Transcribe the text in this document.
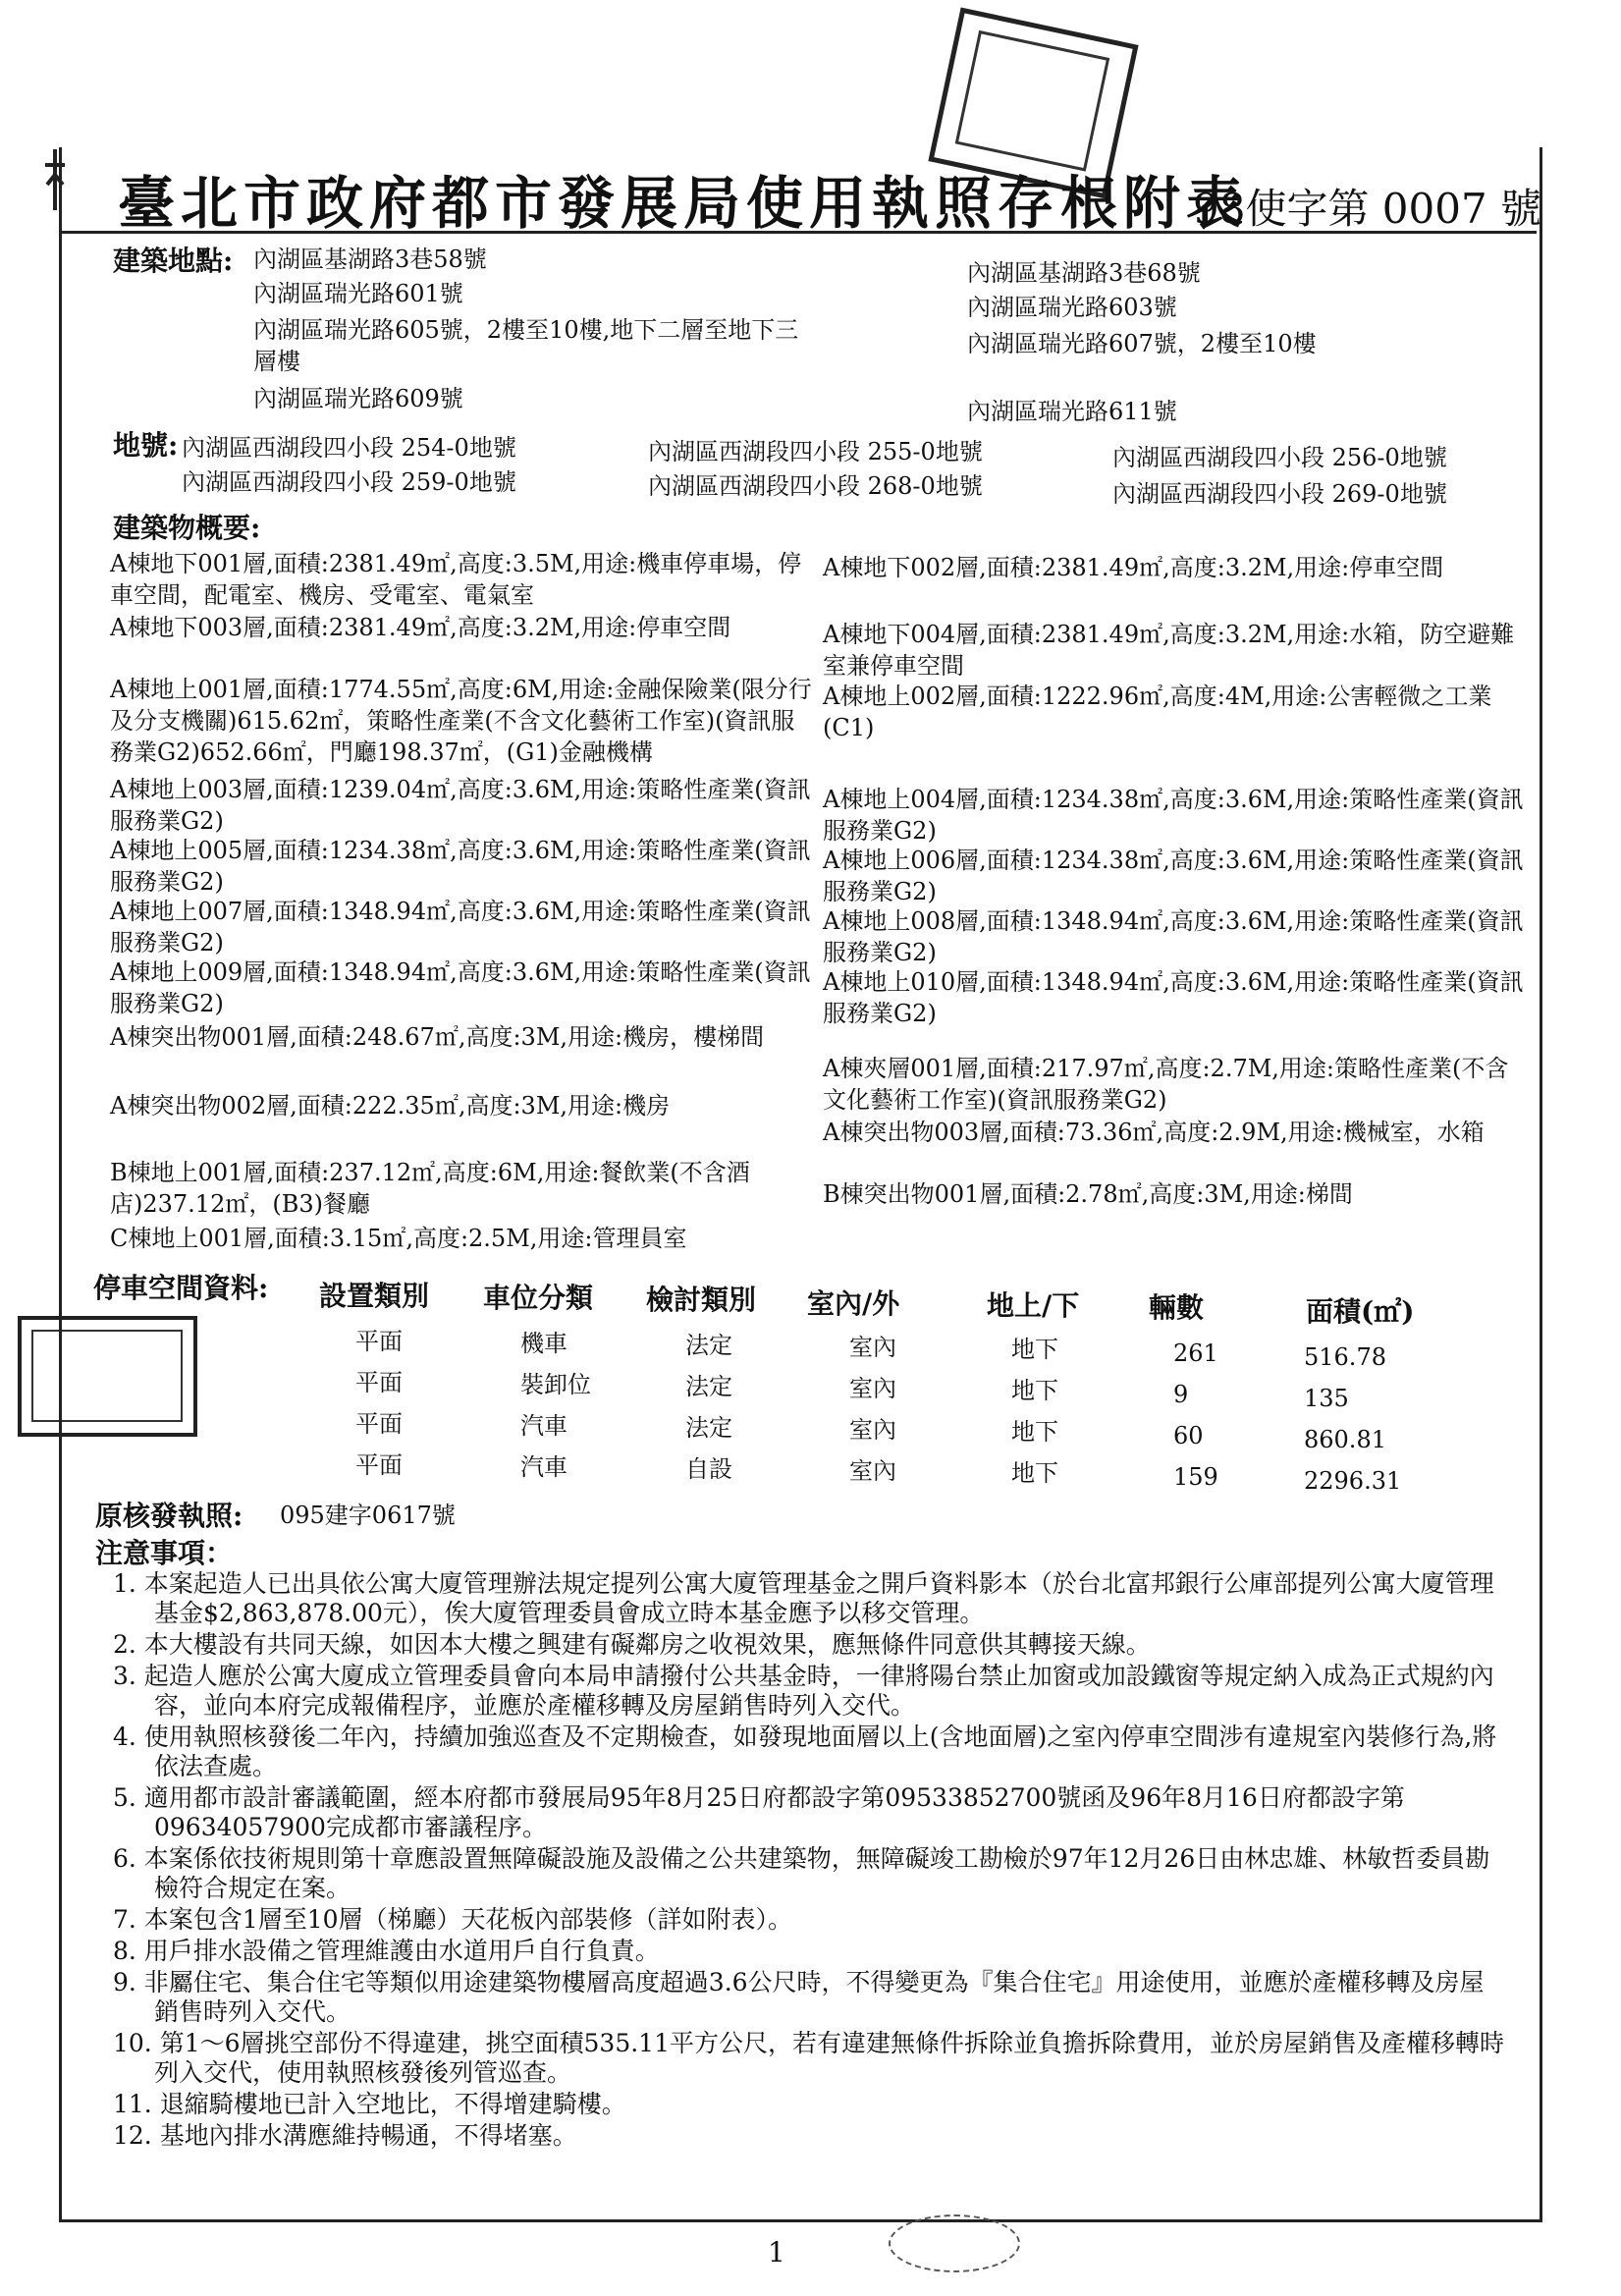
臺北市政府都市發展局使用執照存根附表
98使字第 0007 號
建築地點: 內湖區基湖路3巷58號
內湖區瑞光路601號
內湖區瑞光路605號，2樓至10樓,地下二層至地下三層樓
內湖區瑞光路609號
內湖區基湖路3巷68號
內湖區瑞光路603號
內湖區瑞光路607號，2樓至10樓
內湖區瑞光路611號
地號: 內湖區西湖段四小段 254-0地號	內湖區西湖段四小段 255-0地號	內湖區西湖段四小段 256-0地號
內湖區西湖段四小段 259-0地號	內湖區西湖段四小段 268-0地號	內湖區西湖段四小段 269-0地號
建築物概要:
A棟地下001層,面積:2381.49㎡,高度:3.5M,用途:機車停車場，停車空間，配電室、機房、受電室、電氣室
A棟地下003層,面積:2381.49㎡,高度:3.2M,用途:停車空間
A棟地上001層,面積:1774.55㎡,高度:6M,用途:金融保險業(限分行及分支機關)615.62㎡，策略性產業(不含文化藝術工作室)(資訊服務業G2)652.66㎡，門廳198.37㎡，(G1)金融機構
A棟地上003層,面積:1239.04㎡,高度:3.6M,用途:策略性產業(資訊服務業G2)
A棟地上005層,面積:1234.38㎡,高度:3.6M,用途:策略性產業(資訊服務業G2)
A棟地上007層,面積:1348.94㎡,高度:3.6M,用途:策略性產業(資訊服務業G2)
A棟地上009層,面積:1348.94㎡,高度:3.6M,用途:策略性產業(資訊服務業G2)
A棟突出物001層,面積:248.67㎡,高度:3M,用途:機房，樓梯間
A棟突出物002層,面積:222.35㎡,高度:3M,用途:機房
B棟地上001層,面積:237.12㎡,高度:6M,用途:餐飲業(不含酒店)237.12㎡，(B3)餐廳
C棟地上001層,面積:3.15㎡,高度:2.5M,用途:管理員室
A棟地下002層,面積:2381.49㎡,高度:3.2M,用途:停車空間
A棟地下004層,面積:2381.49㎡,高度:3.2M,用途:水箱，防空避難室兼停車空間
A棟地上002層,面積:1222.96㎡,高度:4M,用途:公害輕微之工業(C1)
A棟地上004層,面積:1234.38㎡,高度:3.6M,用途:策略性產業(資訊服務業G2)
A棟地上006層,面積:1234.38㎡,高度:3.6M,用途:策略性產業(資訊服務業G2)
A棟地上008層,面積:1348.94㎡,高度:3.6M,用途:策略性產業(資訊服務業G2)
A棟地上010層,面積:1348.94㎡,高度:3.6M,用途:策略性產業(資訊服務業G2)
A棟夾層001層,面積:217.97㎡,高度:2.7M,用途:策略性產業(不含文化藝術工作室)(資訊服務業G2)
A棟突出物003層,面積:73.36㎡,高度:2.9M,用途:機械室，水箱
B棟突出物001層,面積:2.78㎡,高度:3M,用途:梯間
停車空間資料: 設置類別 車位分類 檢討類別 室內/外	地上/下	輛數	面積(㎡)
平面	機車	法定	室內	地下	261	516.78
平面	裝卸位	法定	室內	地下	9	135
平面	汽車	法定	室內	地下	60	860.81
平面	汽車	自設	室內	地下	159	2296.31
原核發執照: 095建字0617號
注意事項：

1. 本案起造人已出具依公寓大廈管理辦法規定提列公寓大廈管理基金之開戶資料影本（於台北富邦銀行公庫部提列公寓大廈管理基金$2,863,878.00元），俟大廈管理委員會成立時本基金應予以移交管理。

2. 本大樓設有共同天線，如因本大樓之興建有礙鄰房之收視效果，應無條件同意供其轉接天線。

3. 起造人應於公寓大廈成立管理委員會向本局申請撥付公共基金時，一律將陽台禁止加窗或加設鐵窗等規定納入成為正式規約內容，並向本府完成報備程序，並應於產權移轉及房屋銷售時列入交代。

4. 使用執照核發後二年內，持續加強巡查及不定期檢查，如發現地面層以上(含地面層)之室內停車空間涉有違規室內裝修行為,將依法查處。

5. 適用都市設計審議範圍，經本府都市發展局95年8月25日府都設字第09533852700號函及96年8月16日府都設字第09634057900完成都市審議程序。

6. 本案係依技術規則第十章應設置無障礙設施及設備之公共建築物，無障礙竣工勘檢於97年12月26日由林忠雄、林敏哲委員勘檢符合規定在案。

7. 本案包含1層至10層（梯廳）天花板內部裝修（詳如附表）。

8. 用戶排水設備之管理維護由水道用戶自行負責。

9. 非屬住宅、集合住宅等類似用途建築物樓層高度超過3.6公尺時，不得變更為『集合住宅』用途使用，並應於產權移轉及房屋銷售時列入交代。

10. 第1～6層挑空部份不得違建，挑空面積535.11平方公尺，若有違建無條件拆除並負擔拆除費用，並於房屋銷售及產權移轉時列入交代，使用執照核發後列管巡查。

11. 退縮騎樓地已計入空地比，不得增建騎樓。

12. 基地內排水溝應維持暢通，不得堵塞。

1
